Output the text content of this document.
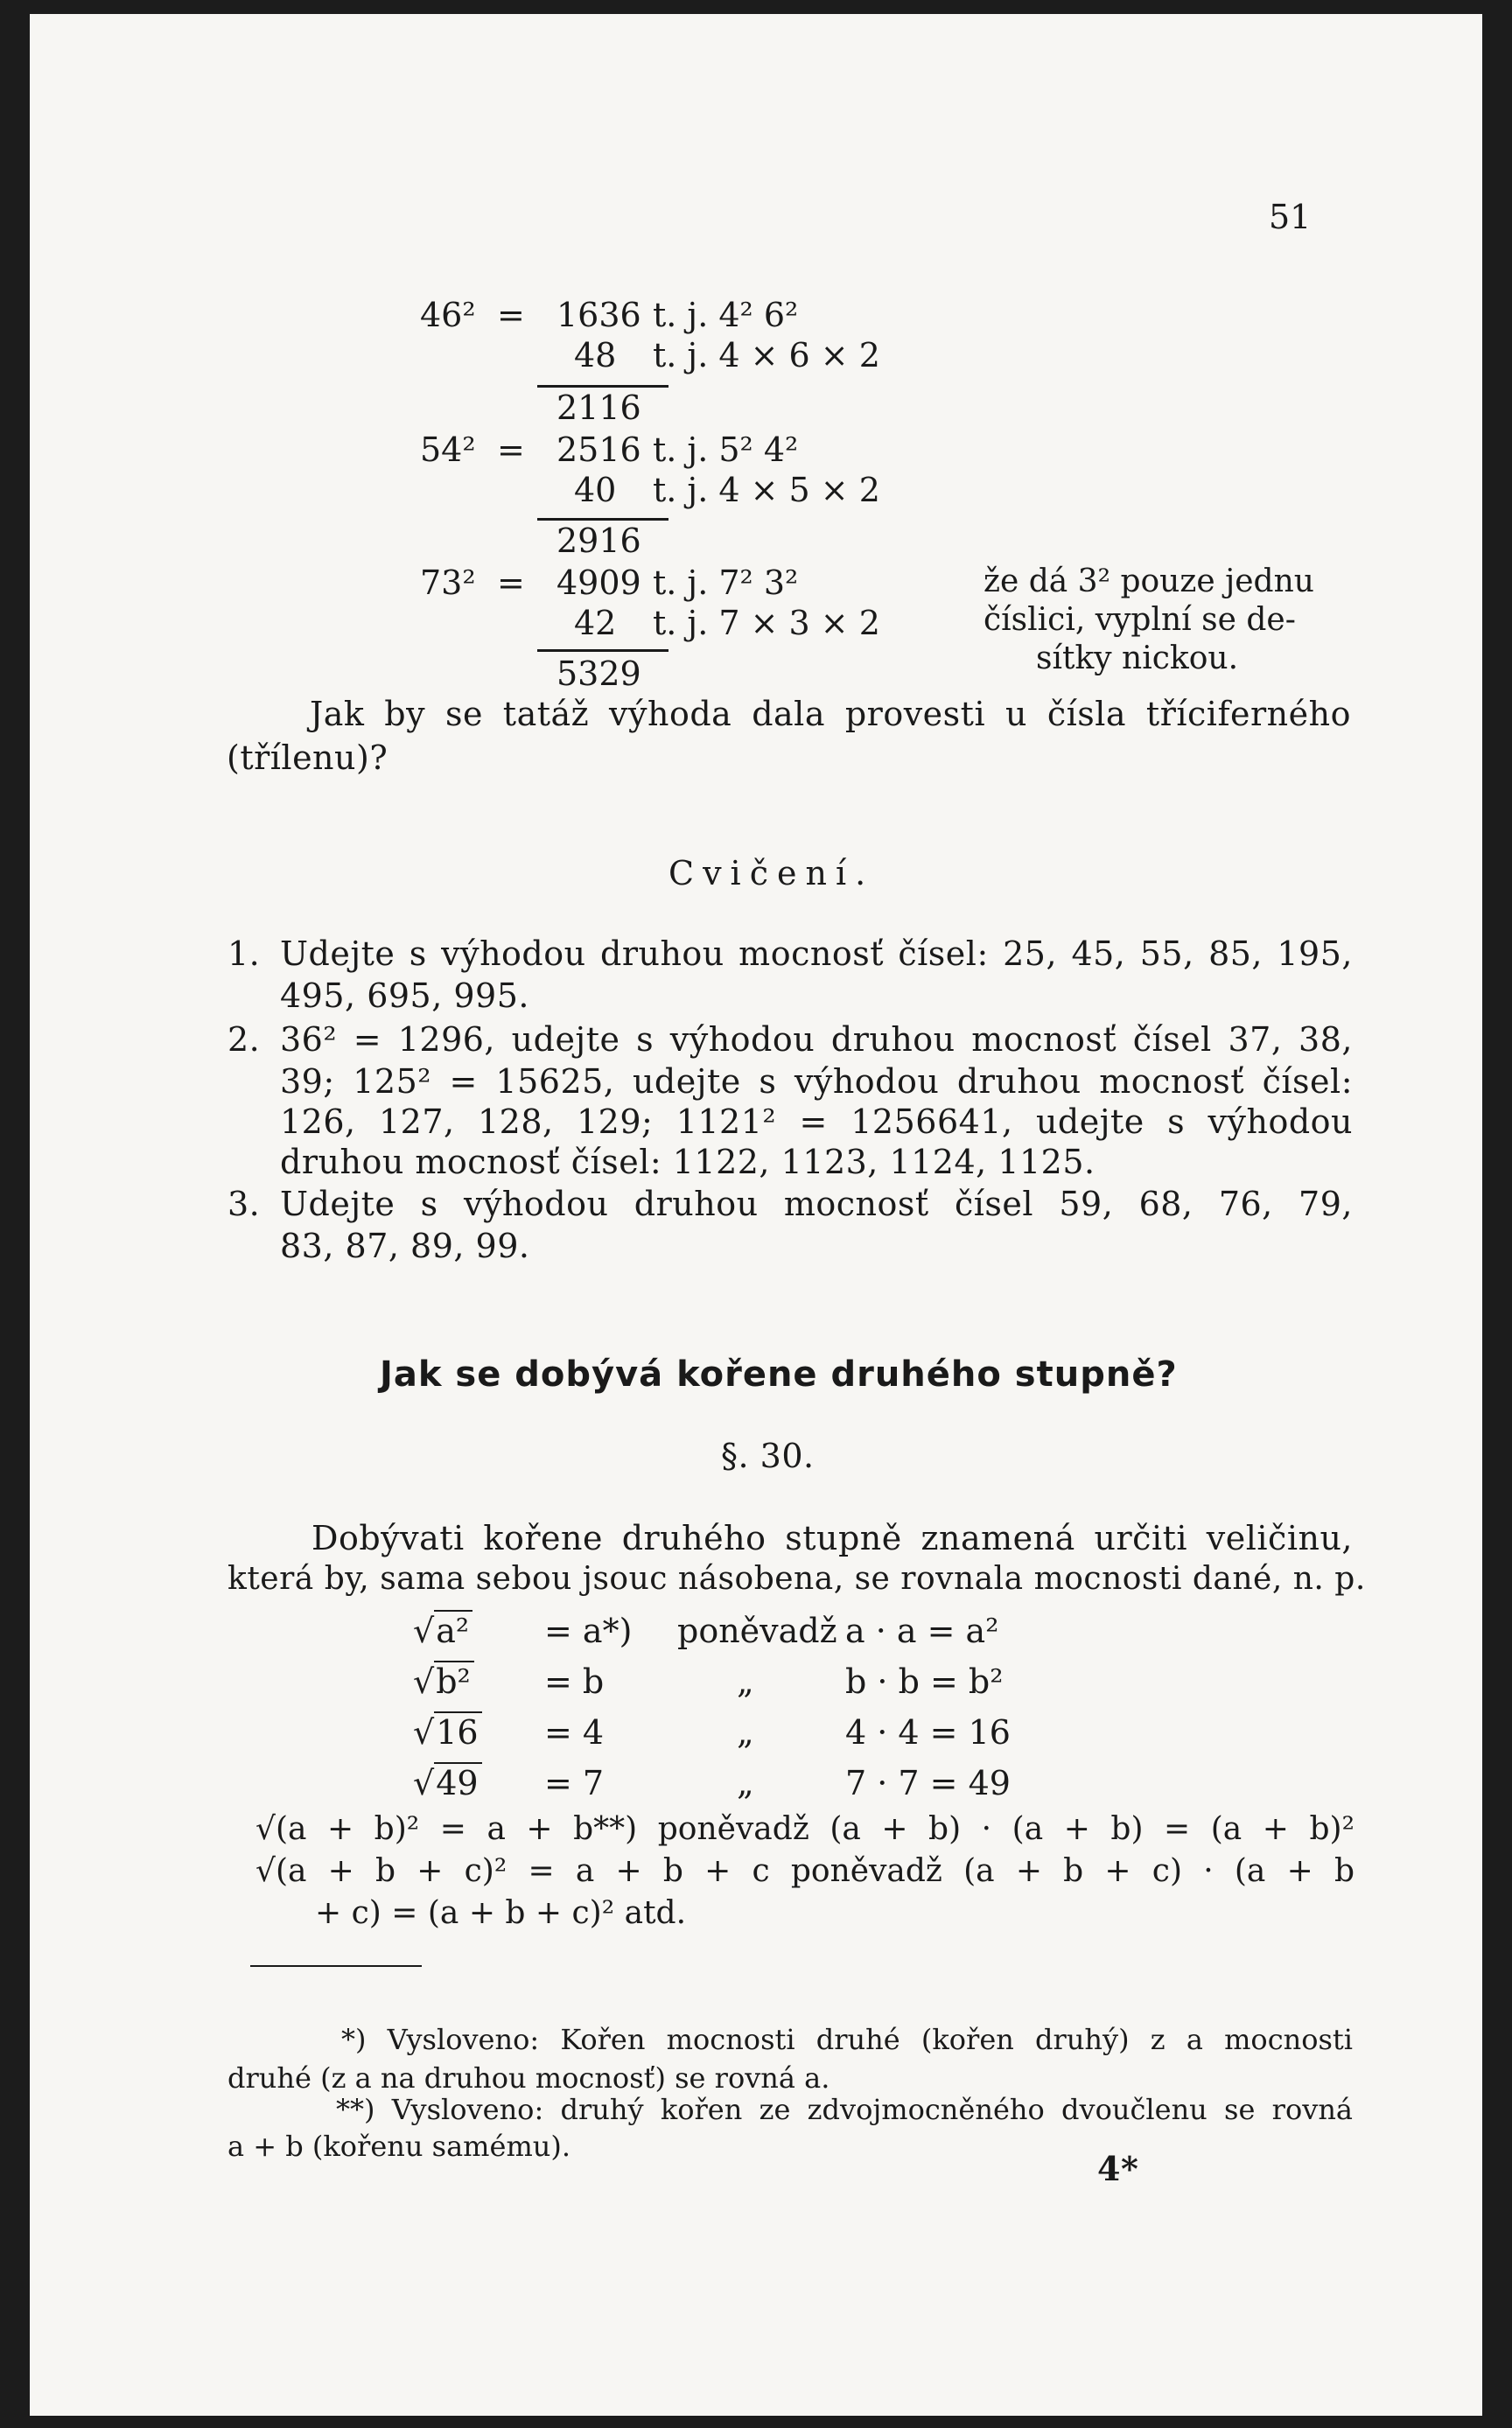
51
46² = 1636 t. j. 4² 6²
48 t. j. 4 × 6 × 2
2116
54² = 2516 t. j. 5² 4²
40 t. j. 4 × 5 × 2
2916
73² = 4909 t. j. 7² 3²
42 t. j. 7 × 3 × 2
5329
že dá 3² pouze jednu
číslici, vyplní se de-
sítky nickou.
Jak by se tatáž výhoda dala provesti u čísla tříciferného
(třílenu)?
Cvičení.
1. Udejte s výhodou druhou mocnosť čísel: 25, 45, 55, 85, 195,
495, 695, 995.
2. 36² = 1296, udejte s výhodou druhou mocnosť čísel 37, 38,
39; 125² = 15625, udejte s výhodou druhou mocnosť čísel:
126, 127, 128, 129; 1121² = 1256641, udejte s výhodou
druhou mocnosť čísel: 1122, 1123, 1124, 1125.
3. Udejte s výhodou druhou mocnosť čísel 59, 68, 76, 79,
83, 87, 89, 99.
Jak se dobývá kořene druhého stupně?
§. 30.
Dobývati kořene druhého stupně znamená určiti veličinu,
která by, sama sebou jsouc násobena, se rovnala mocnosti dané, n. p.
√a² = a*) poněvadž a · a = a²
√b² = b	„	b · b = b²
√16 = 4	„	4 · 4 = 16
√49 = 7	„	7 · 7 = 49
√(a + b)² = a + b**) poněvadž (a + b) · (a + b) = (a + b)²
√(a + b + c)² = a + b + c poněvadž (a + b + c) · (a + b
+ c) = (a + b + c)² atd.
*) Vysloveno: Kořen mocnosti druhé (kořen druhý) z a mocnosti
druhé (z a na druhou mocnosť) se rovná a.
**) Vysloveno: druhý kořen ze zdvojmocněného dvoučlenu se rovná
a + b (kořenu samému).
4*
